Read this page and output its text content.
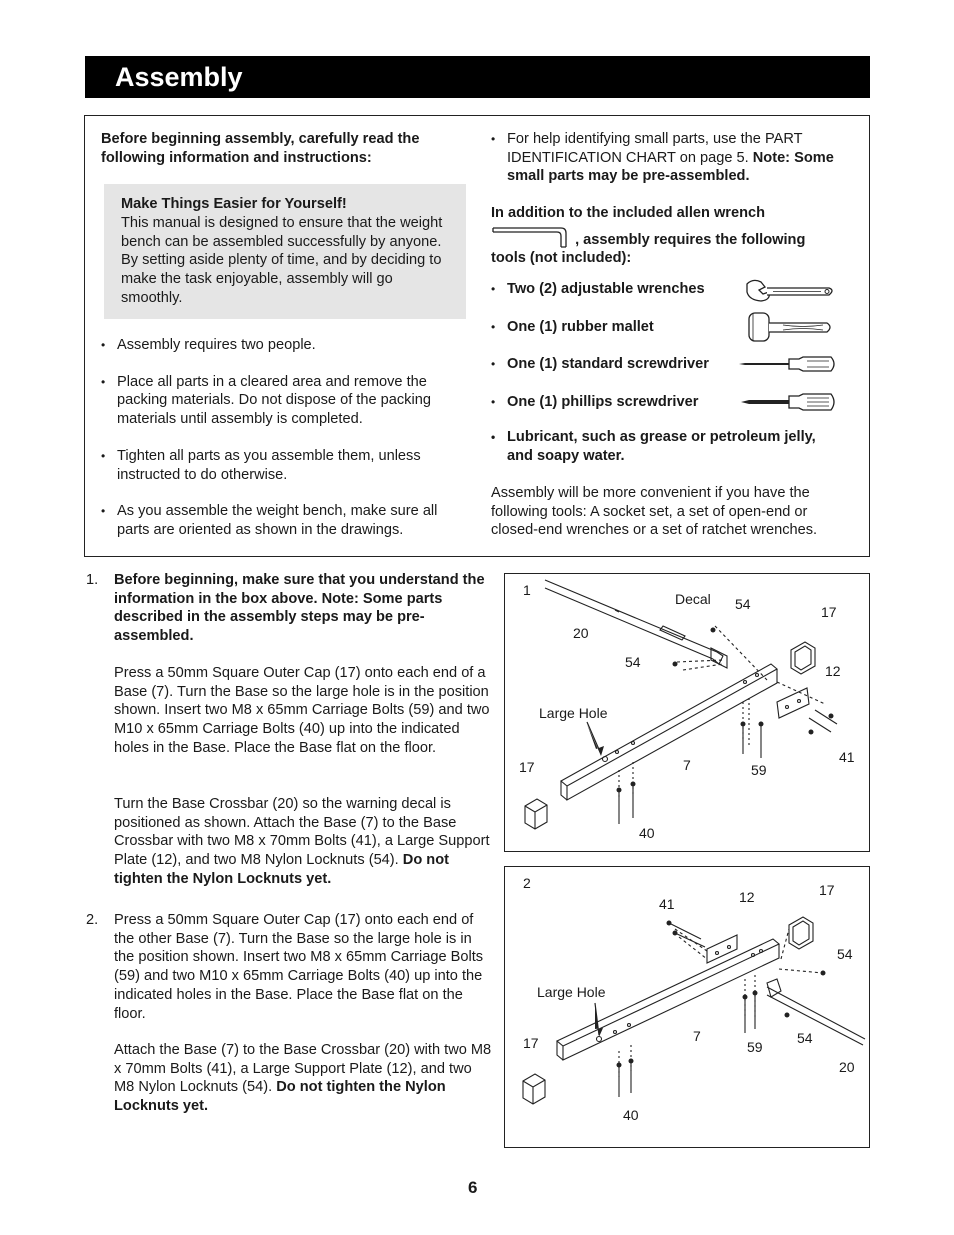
Assembly
Before beginning assembly, carefully read the following information and instructions:
Make Things Easier for Yourself!
This manual is designed to ensure that the weight bench can be assembled successfully by anyone. By setting aside plenty of time, and by deciding to make the task enjoyable, assembly will go smoothly.
• Assembly requires two people.
• Place all parts in a cleared area and remove the packing materials. Do not dispose of the packing materials until assembly is completed.
• Tighten all parts as you assemble them, unless instructed to do otherwise.
• As you assemble the weight bench, make sure all parts are oriented as shown in the drawings.
• For help identifying small parts, use the PART IDENTIFICATION CHART on page 5. Note: Some small parts may be pre-assembled.
In addition to the included allen wrench  , assembly requires the following tools (not included):
• Two (2) adjustable wrenches
• One (1) rubber mallet
• One (1) standard screwdriver
• One (1) phillips screwdriver
• Lubricant, such as grease or petroleum jelly, and soapy water.
Assembly will be more convenient if you have the following tools: A socket set, a set of open-end or closed-end wrenches or a set of ratchet wrenches.
1. Before beginning, make sure that you understand the information in the box above. Note: Some parts described in the assembly steps may be pre-assembled.
Press a 50mm Square Outer Cap (17) onto each end of a Base (7). Turn the Base so the large hole is in the position shown. Insert two M8 x 65mm Carriage Bolts (59) and two M10 x 65mm Carriage Bolts (40) up into the indicated holes in the Base. Place the Base flat on the floor.
Turn the Base Crossbar (20) so the warning decal is positioned as shown. Attach the Base (7) to the Base Crossbar with two M8 x 70mm Bolts (41), a Large Support Plate (12), and two M8 Nylon Locknuts (54). Do not tighten the Nylon Locknuts yet.
2. Press a 50mm Square Outer Cap (17) onto each end of the other Base (7). Turn the Base so the large hole is in the position shown. Insert two M8 x 65mm Carriage Bolts (59) and two M10 x 65mm Carriage Bolts (40) up into the indicated holes in the Base. Place the Base flat on the floor.
Attach the Base (7) to the Base Crossbar (20) with two M8 x 70mm Bolts (41), a Large Support Plate (12), and two M8 Nylon Locknuts (54). Do not tighten the Nylon Locknuts yet.
1
Decal 54	17
20
54
12
Large Hole
41
17	7	59
40
2	17
41	12
54
Large Hole
17	7
59
54
20
40
6
